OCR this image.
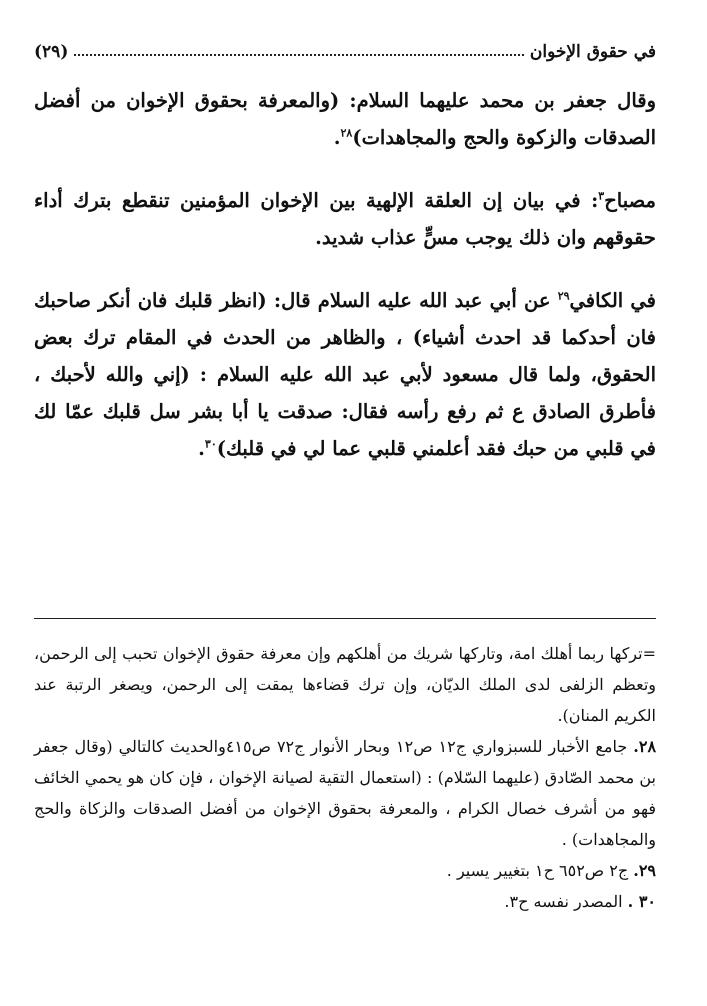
في حقوق الإخوان
(٢٩)

وقال جعفر بن محمد عليهما السلام: (والمعرفة بحقوق الإخوان من أفضل الصدقات والزكوة والحج والمجاهدات)$^{٢٨}$.

مصباح$^٣$: في بيان إن العلقة الإلهية بين الإخوان المؤمنين تنقطع بترك أداء حقوقهم وان ذلك يوجب مسٍّ عذاب شديد.

في الكافي$^{٢٩}$ عن أبي عبد الله عليه السلام قال: (انظر قلبك فان أنكر صاحبك فان أحدكما قد احدث أشياء) ، والظاهر من الحدث في المقام ترك بعض الحقوق، ولما قال مسعود لأبي عبد الله عليه السلام : (إني والله لأحبك ، فأطرق الصادق ع ثم رفع رأسه فقال: صدقت يا أبا بشر سل قلبك عمّا لك في قلبي من حبك فقد أعلمني قلبي عما لي في قلبك)$^{٣٠}$.

=تركها ربما أهلك امة، وتاركها شريك من أهلكهم وإن معرفة حقوق الإخوان تحبب إلى الرحمن، وتعظم الزلفى لدى الملك الديّان، وإن ترك قضاءها يمقت إلى الرحمن، ويصغر الرتبة عند الكريم المنان).

٢٨. جامع الأخبار للسبزواري ج١٢ ص١٢ وبحار الأنوار ج٧٢ ص٤١٥والحديث كالتالي (وقال جعفر بن محمد الصّادق (عليهما السّلام) : (استعمال التقية لصيانة الإخوان ، فإن كان هو يحمي الخائف فهو من أشرف خصال الكرام ، والمعرفة بحقوق الإخوان من أفضل الصدقات والزكاة والحج والمجاهدات) .

٢٩. ج٢ ص٦٥٢ ح١ بتغيير يسير .

٣٠ . المصدر نفسه ح٣.
